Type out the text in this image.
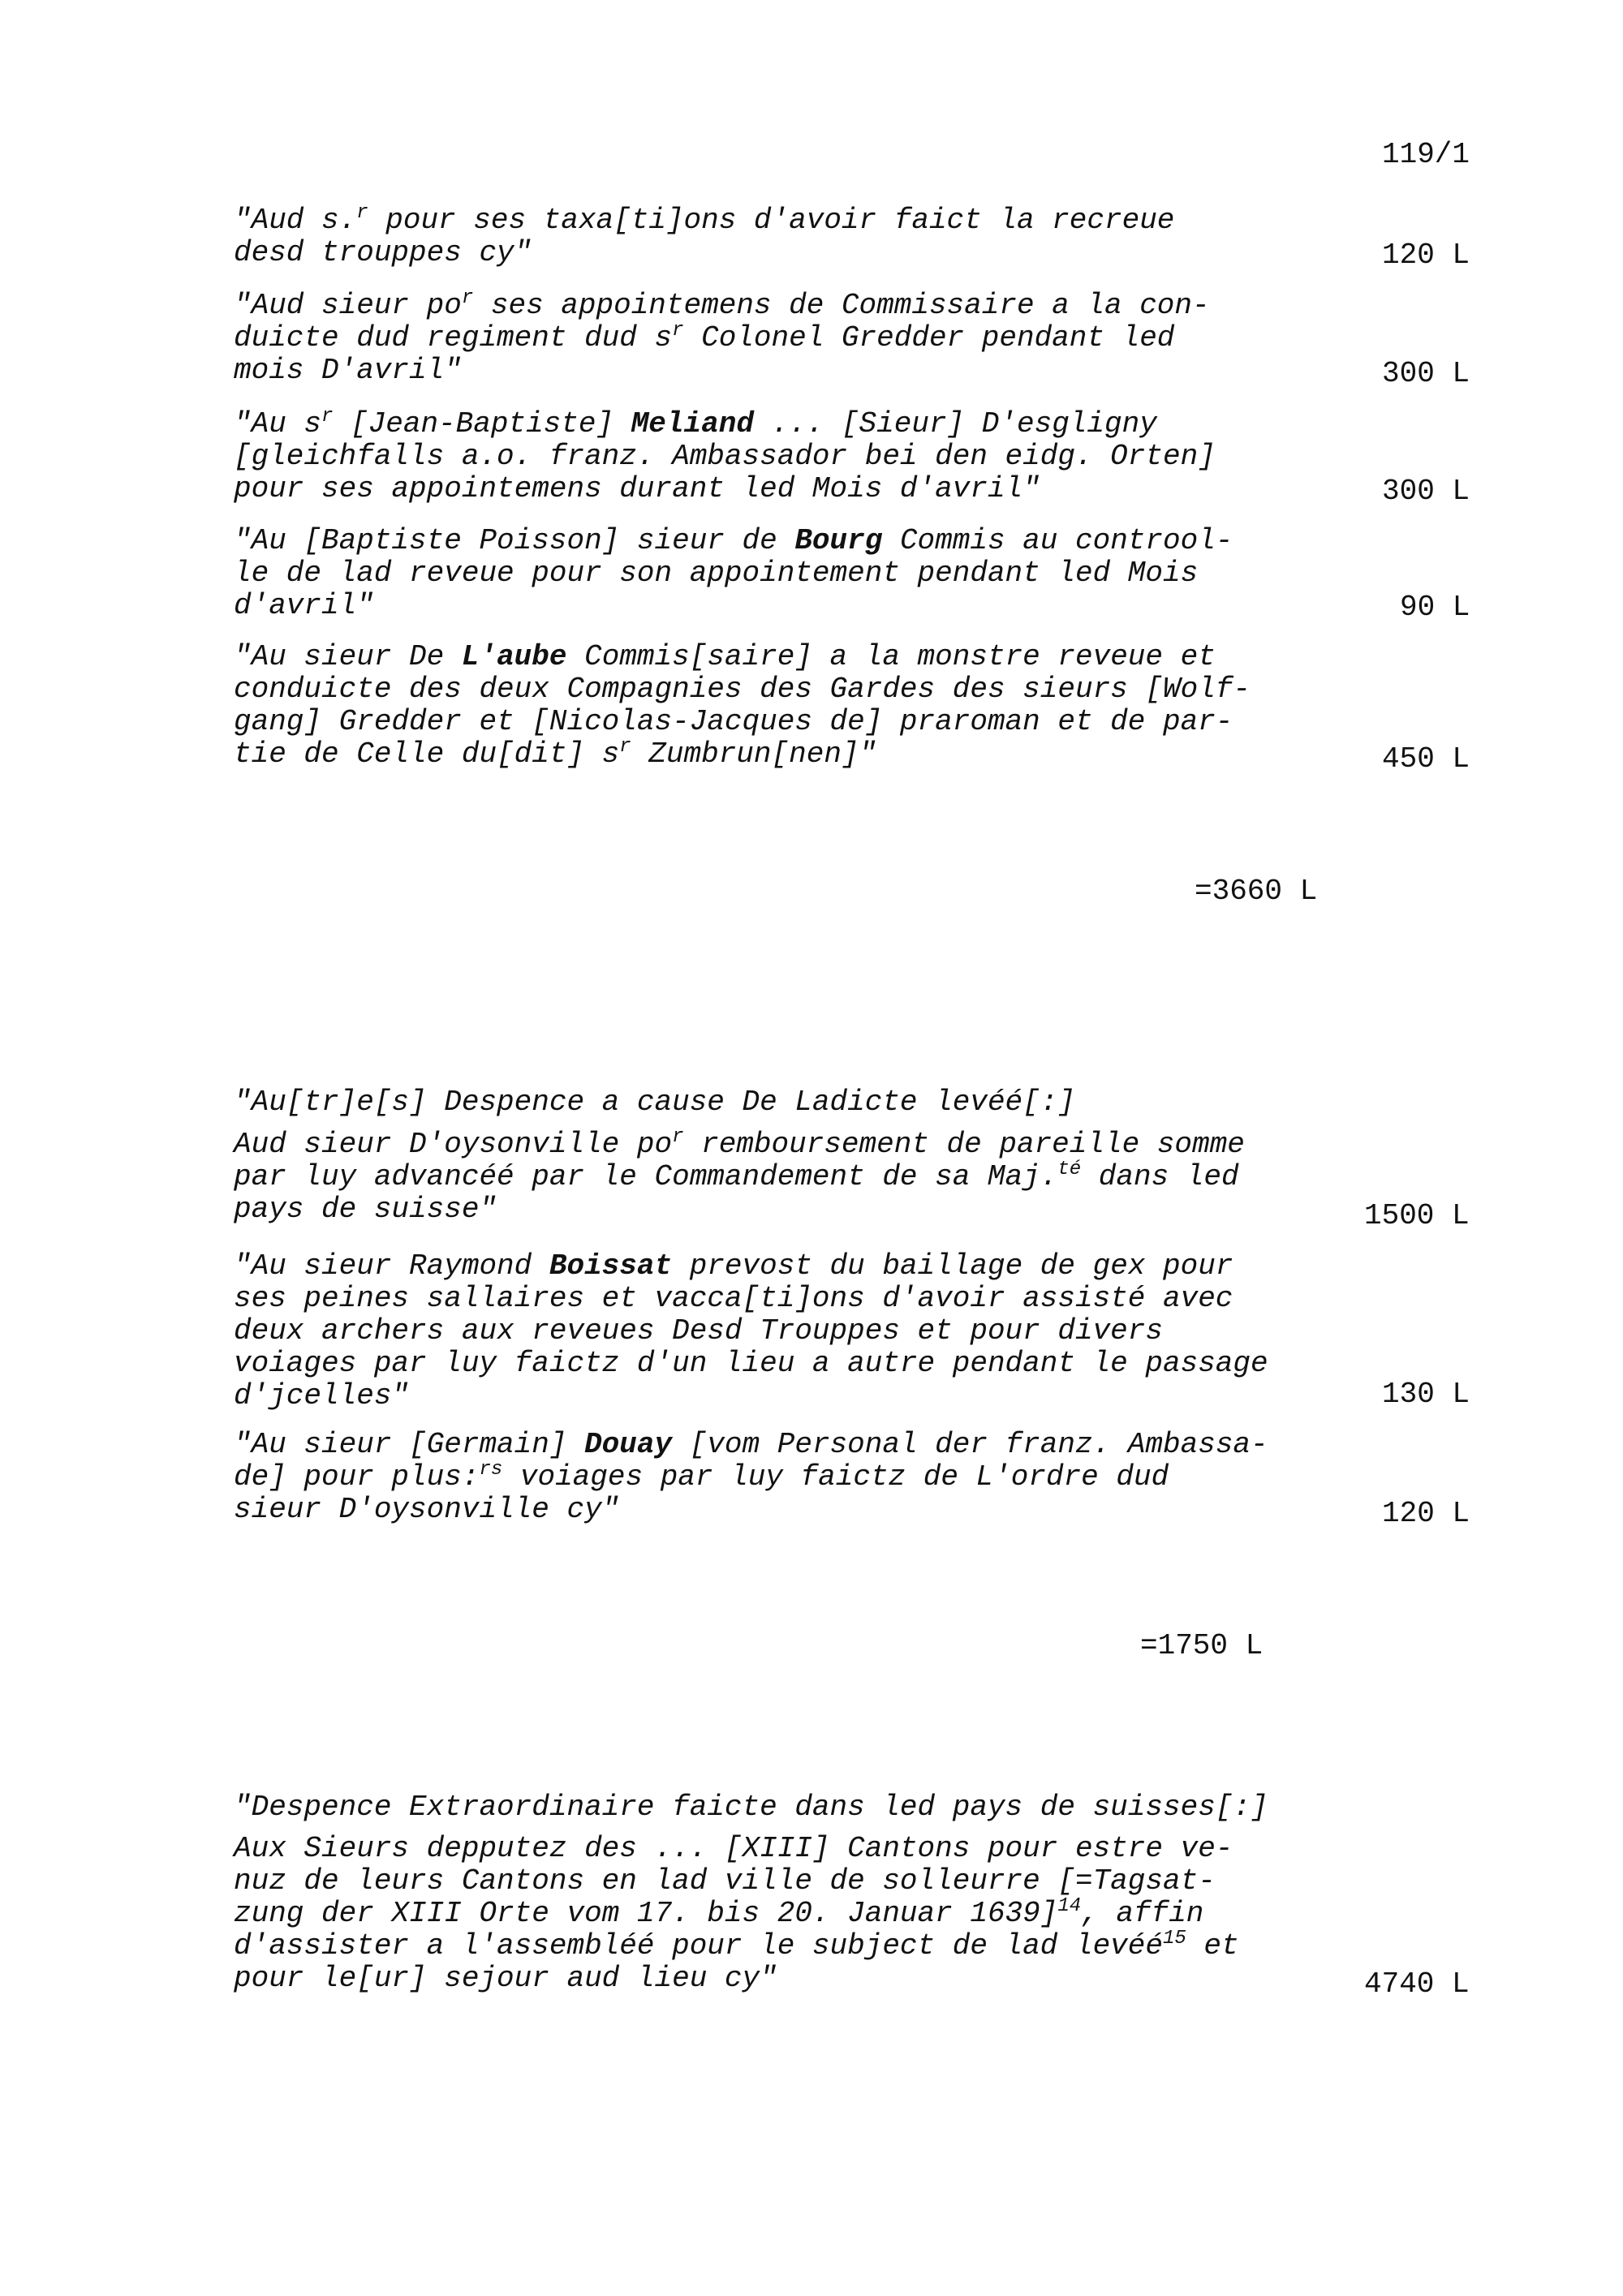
119/1
"Aud s.$^r$ pour ses taxa[ti]ons d'avoir faict la recreue
desd trouppes cy"	120 L
"Aud sieur $po^r$ ses appointemens de Commissaire a la con-
duicte dud regiment dud $s^r$ Colonel Gredder pendant led
mois D'avril"	300 L
"Au $s^r$ [Jean-Baptiste] Meliand ... [Sieur] D'esgligny
[gleichfalls a.o. franz. Ambassador bei den eidg. Orten]
pour ses appointemens durant led Mois d'avril"	300 L
"Au [Baptiste Poisson] sieur de Bourg Commis au controol-
le de lad reveue pour son appointement pendant led Mois
d'avril"	90 L
"Au sieur De L'aube Commis[saire] a la monstre reveue et
conduicte des deux Compagnies des Gardes des sieurs [Wolf-
gang] Gredder et [Nicolas-Jacques de] praroman et de par-
tie de Celle du[dit] $s^r$ Zumbrun[nen]"	450 L
=3660 L
"Au[tr]e[s] Despence a cause De Ladicte levéé[:]
Aud sieur D'oysonville $po^r$ remboursement de pareille somme
par luy advancéé par le Commandement de sa Maj.$^{té}$ dans led
pays de suisse"	1500 L
"Au sieur Raymond Boissat prevost du baillage de gex pour
ses peines sallaires et vacca[ti]ons d'avoir assisté avec
deux archers aux reveues Desd Trouppes et pour divers
voiages par luy faictz d'un lieu a autre pendant le passage
d'jcelles"	130 L
"Au sieur [Germain] Douay [vom Personal der franz. Ambassa-
de] pour plus:$^{rs}$ voiages par luy faictz de L'ordre dud
sieur D'oysonville cy"	120 L
=1750 L
"Despence Extraordinaire faicte dans led pays de suisses[:]
Aux Sieurs depputez des ... [XIII] Cantons pour estre ve-
nuz de leurs Cantons en lad ville de solleurre [=Tagsat-
zung der XIII Orte vom 17. bis 20. Januar 1639]$^{14}$, affin
d'assister a l'assembléé pour le subject de lad levéé$^{15}$ et
pour le[ur] sejour aud lieu cy"	4740 L
